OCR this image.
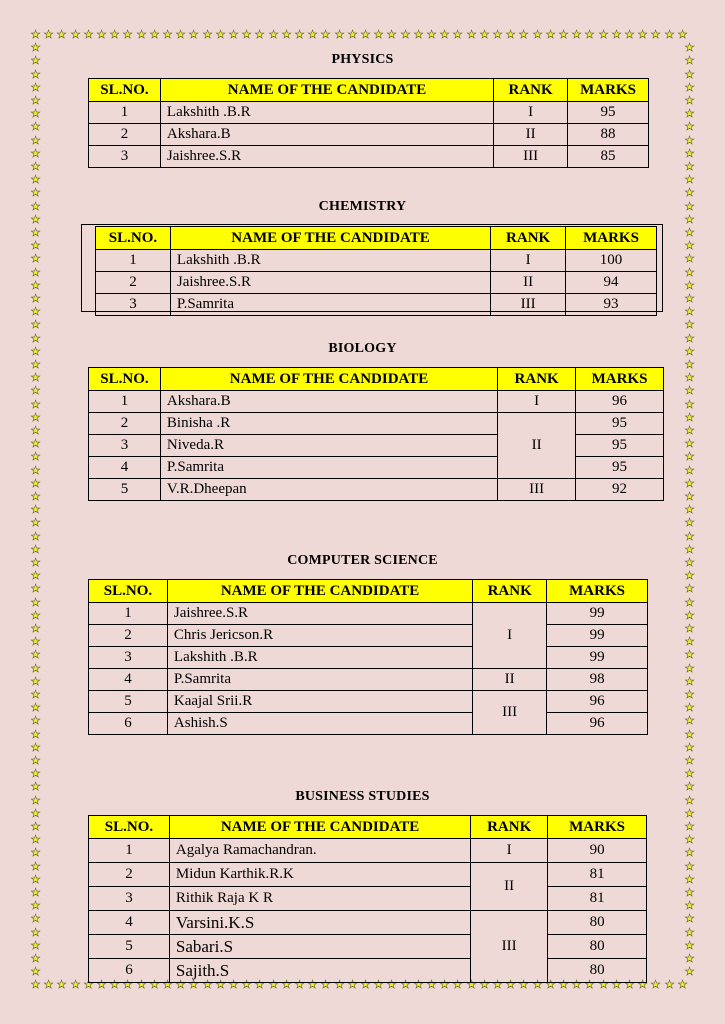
★
★
★
★
★
★
★
★
★
★
★
★
★
★
★
★
★
★
★
★
★
★
★
★
★
★
★
★
★
★
★
★
★
★
★
★
★
★
★
★
★
★
★
★
★
★
★
★
★
★
★
★
★
★
★
★
★
★
★
★
★
★
★
★
★
★
★
★
★
★
★
★
★
★
★
★
★
★
★
★
★
★
★
★
★
★
★
★
★
★
★
★
★
★
★
★
★
★
★
★
★	★
★	★
★	★
★	★
★	★
★	★
★	★
★	★
★	★
★	★
★	★
★	★
★	★
★	★
★	★
★	★
★	★
★	★
★	★
★	★
★	★
★	★
★	★
★	★
★	★
★	★
★	★
★	★
★	★
★	★
★	★
★	★
★	★
★	★
★	★
★	★
★	★
★	★
★	★
★	★
★	★
★	★
★	★
★	★
★	★
★	★
★	★
★	★
★	★
★	★
★	★
★	★
★	★
★	★
★	★
★	★
★	★
★	★
★	★
★	★
★	★
★	★
★	★
★	★
★	★
★	★
★	★
★	★
★	★
★	★
★	★
PHYSICS
SL.NO.	NAME OF THE CANDIDATE	RANK	MARKS
1	Lakshith .B.R	I	95
2	Akshara.B	II	88
3	Jaishree.S.R	III	85
CHEMISTRY
SL.NO.	NAME OF THE CANDIDATE	RANK	MARKS
1	Lakshith .B.R	I	100
2	Jaishree.S.R	II	94
3	P.Samrita	III	93
BIOLOGY
SL.NO.	NAME OF THE CANDIDATE	RANK	MARKS
1	Akshara.B	I	96
2	Binisha .R	II	95
3	Niveda.R		95
4	P.Samrita		95
5	V.R.Dheepan	III	92
COMPUTER SCIENCE
SL.NO.	NAME OF THE CANDIDATE	RANK	MARKS
1	Jaishree.S.R	I	99
2	Chris Jericson.R		99
3	Lakshith .B.R		99
4	P.Samrita	II	98
5	Kaajal Srii.R	III	96
6	Ashish.S		96
BUSINESS STUDIES
SL.NO.	NAME OF THE CANDIDATE	RANK	MARKS
1	Agalya Ramachandran.	I	90
2	Midun Karthik.R.K	II	81
3	Rithik Raja K R		81
4	Varsini.K.S	III	80
5	Sabari.S		80
6	Sajith.S		80
